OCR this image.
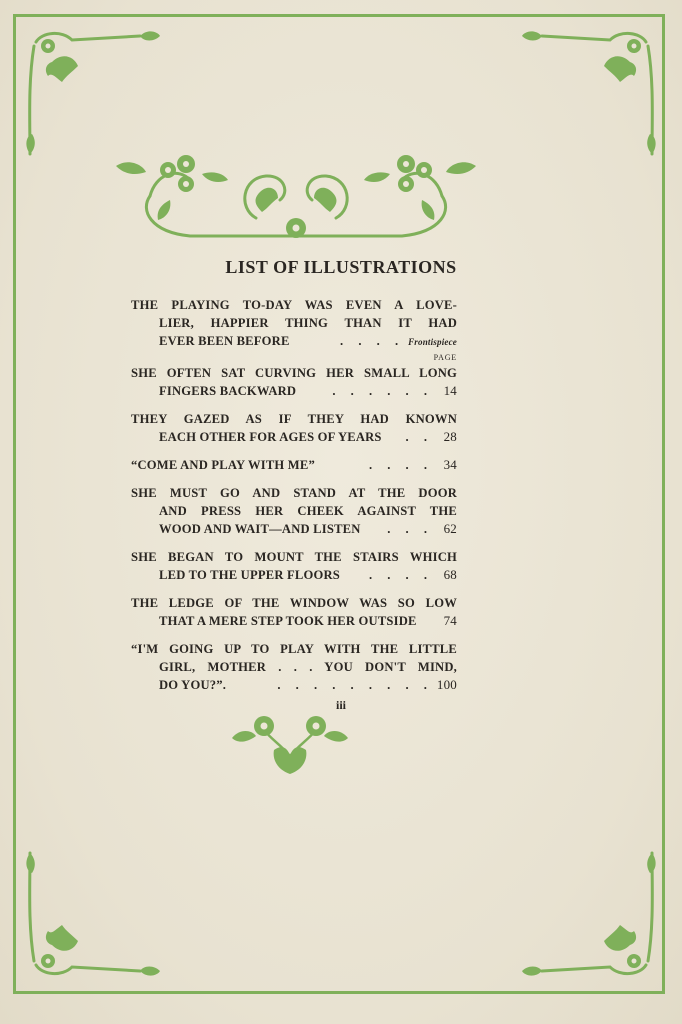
LIST OF ILLUSTRATIONS
THE PLAYING TO-DAY WAS EVEN A LOVE-
LIER, HAPPIER THING THAN IT HAD
EVER BEEN BEFORE	. . . . Frontispiece
PAGE
SHE OFTEN SAT CURVING HER SMALL LONG
FINGERS BACKWARD	. . . . . . 14
THEY GAZED AS IF THEY HAD KNOWN
EACH OTHER FOR AGES OF YEARS	. . 28
“COME AND PLAY WITH ME”	. . . . 34
SHE MUST GO AND STAND AT THE DOOR
AND PRESS HER CHEEK AGAINST THE
WOOD AND WAIT—AND LISTEN	. . . 62
SHE BEGAN TO MOUNT THE STAIRS WHICH
LED TO THE UPPER FLOORS	. . . . 68
THE LEDGE OF THE WINDOW WAS SO LOW
THAT A MERE STEP TOOK HER OUTSIDE	74
“I'M GOING UP TO PLAY WITH THE LITTLE
GIRL, MOTHER . . . YOU DON'T MIND,
DO YOU?”.	. . . . . . . . . 100
iii
